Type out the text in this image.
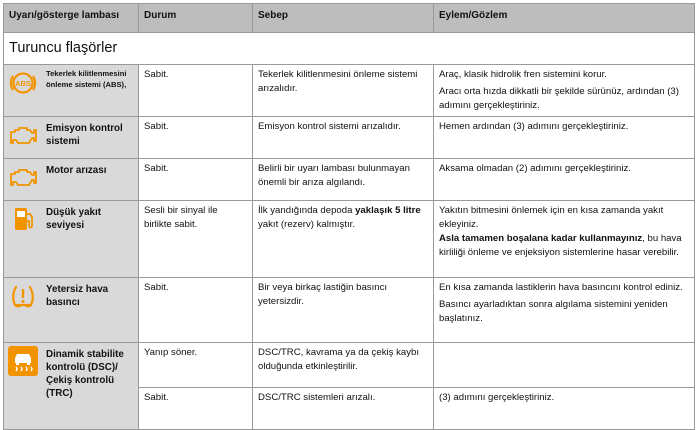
Uyarı/gösterge lambası	Durum	Sebep	Eylem/Gözlem
Turuncu flaşörler			

ABS
Tekerlek kilitlenmesini önleme sistemi (ABS),	Sabit.	Tekerlek kilitlenmesini önleme sistemi arızalıdır.	Araç, klasik hidrolik fren sistemini korur.
Aracı orta hızda dikkatli bir şekilde sürünüz, ardından (3) adımını gerçekleştiriniz.

Emisyon kontrol sistemi	Sabit.	Emisyon kontrol sistemi arızalıdır.	Hemen ardından (3) adımını gerçekleştiriniz.

Motor arızası	Sabit.	Belirli bir uyarı lambası bulunmayan önemli bir arıza algılandı.	Aksama olmadan (2) adımını gerçekleştiriniz.

Düşük yakıt seviyesi	Sesli bir sinyal ile birlikte sabit.	İlk yandığında depoda yaklaşık 5 litre yakıt (rezerv) kalmıştır.	Yakıtın bitmesini önlemek için en kısa zamanda yakıt ekleyiniz.
Asla tamamen boşalana kadar kullanmayınız, bu hava kirliliği önleme ve enjeksiyon sistemlerine hasar verebilir.

Yetersiz hava basıncı	Sabit.	Bir veya birkaç lastiğin basıncı yetersizdir.	En kısa zamanda lastiklerin hava basıncını kontrol ediniz.
Basıncı ayarladıktan sonra algılama sistemini yeniden başlatınız.

Dinamik stabilite kontrolü (DSC)/ Çekiş kontrolü (TRC)	Yanıp söner.	DSC/TRC, kavrama ya da çekiş kaybı olduğunda etkinleştirilir.	
	Sabit.	DSC/TRC sistemleri arızalı.	(3) adımını gerçekleştiriniz.
